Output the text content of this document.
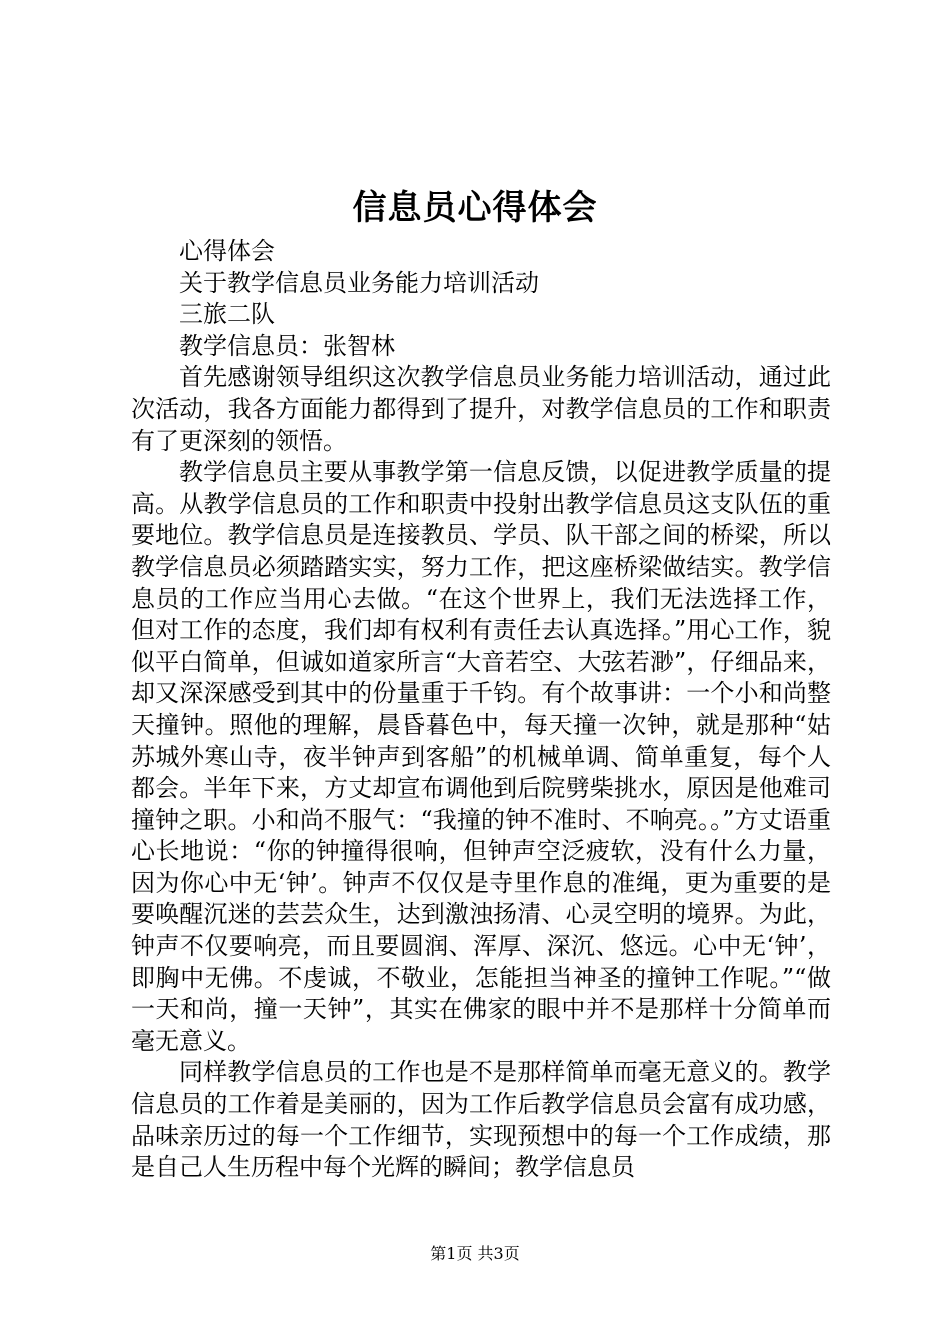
信息员心得体会

心得体会

关于教学信息员业务能力培训活动

三旅二队

教学信息员：张智林

首先感谢领导组织这次教学信息员业务能力培训活动，通过此次活动，我各方面能力都得到了提升，对教学信息员的工作和职责有了更深刻的领悟。

教学信息员主要从事教学第一信息反馈，以促进教学质量的提高。从教学信息员的工作和职责中投射出教学信息员这支队伍的重要地位。教学信息员是连接教员、学员、队干部之间的桥梁，所以教学信息员必须踏踏实实，努力工作，把这座桥梁做结实。教学信息员的工作应当用心去做。“在这个世界上，我们无法选择工作，但对工作的态度，我们却有权利有责任去认真选择。”用心工作，貌似平白简单，但诚如道家所言“大音若空、大弦若渺”，仔细品来，却又深深感受到其中的份量重于千钧。有个故事讲：一个小和尚整天撞钟。照他的理解，晨昏暮色中，每天撞一次钟，就是那种“姑苏城外寒山寺，夜半钟声到客船”的机械单调、简单重复，每个人都会。半年下来，方丈却宣布调他到后院劈柴挑水，原因是他难司撞钟之职。小和尚不服气：“我撞的钟不准时、不响亮。。”方丈语重心长地说：“你的钟撞得很响，但钟声空泛疲软，没有什么力量，因为你心中无‘钟’。钟声不仅仅是寺里作息的准绳，更为重要的是要唤醒沉迷的芸芸众生，达到激浊扬清、心灵空明的境界。为此，钟声不仅要响亮，而且要圆润、浑厚、深沉、悠远。心中无‘钟’，即胸中无佛。不虔诚，不敬业，怎能担当神圣的撞钟工作呢。”“做一天和尚，撞一天钟”，其实在佛家的眼中并不是那样十分简单而毫无意义。

同样教学信息员的工作也是不是那样简单而毫无意义的。教学信息员的工作着是美丽的，因为工作后教学信息员会富有成功感，品味亲历过的每一个工作细节，实现预想中的每一个工作成绩，那是自己人生历程中每个光辉的瞬间；教学信息员

第1页 共3页
